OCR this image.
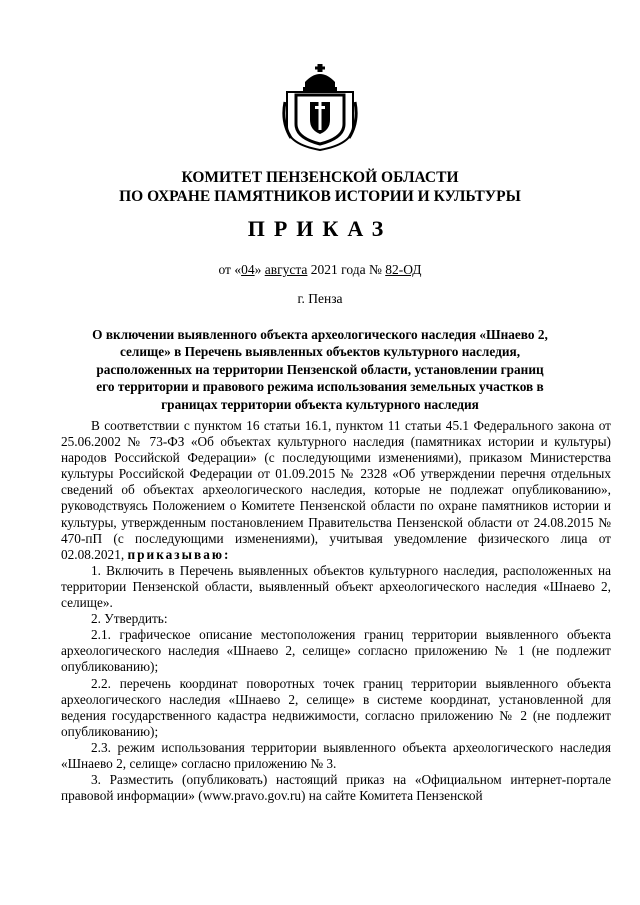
КОМИТЕТ ПЕНЗЕНСКОЙ ОБЛАСТИ
ПО ОХРАНЕ ПАМЯТНИКОВ ИСТОРИИ И КУЛЬТУРЫ
ПРИКАЗ
от «04» августа 2021 года № 82-ОД
г. Пенза
О включении выявленного объекта археологического наследия «Шнаево 2,
селище» в Перечень выявленных объектов культурного наследия,
расположенных на территории Пензенской области, установлении границ
его территории и правового режима использования земельных участков в
границах территории объекта культурного наследия

В соответствии с пунктом 16 статьи 16.1, пунктом 11 статьи 45.1 Федерального закона от 25.06.2002 № 73-ФЗ «Об объектах культурного наследия (памятниках истории и культуры) народов Российской Федерации» (с последующими изменениями), приказом Министерства культуры Российской Федерации от 01.09.2015 № 2328 «Об утверждении перечня отдельных сведений об объектах археологического наследия, которые не подлежат опубликованию», руководствуясь Положением о Комитете Пензенской области по охране памятников истории и культуры, утвержденным постановлением Правительства Пензенской области от 24.08.2015 № 470-пП (с последующими изменениями), учитывая уведомление физического лица от 02.08.2021, приказываю:

1. Включить в Перечень выявленных объектов культурного наследия, расположенных на территории Пензенской области, выявленный объект археологического наследия «Шнаево 2, селище».

2. Утвердить:

2.1. графическое описание местоположения границ территории выявленного объекта археологического наследия «Шнаево 2, селище» согласно приложению № 1 (не подлежит опубликованию);

2.2. перечень координат поворотных точек границ территории выявленного объекта археологического наследия «Шнаево 2, селище» в системе координат, установленной для ведения государственного кадастра недвижимости, согласно приложению № 2 (не подлежит опубликованию);

2.3. режим использования территории выявленного объекта археологического наследия «Шнаево 2, селище» согласно приложению № 3.

3. Разместить (опубликовать) настоящий приказ на «Официальном интернет-портале правовой информации» (www.pravo.gov.ru) на сайте Комитета Пензенской
